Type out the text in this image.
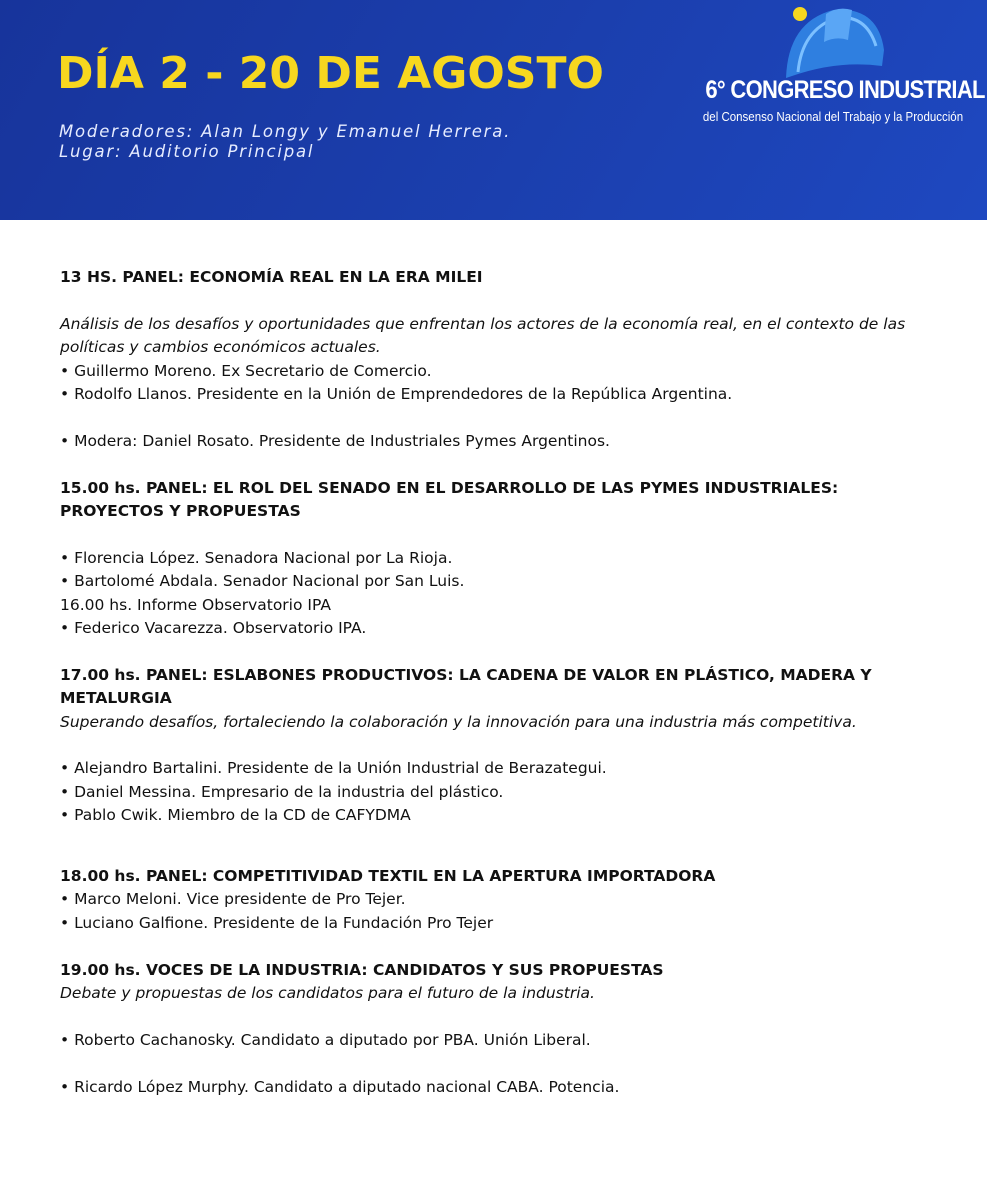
DÍA 2 - 20 DE AGOSTO
Moderadores: Alan Longy y Emanuel Herrera.
Lugar: Auditorio Principal
6° CONGRESO INDUSTRIAL
del Consenso Nacional del Trabajo y la Producción
13 HS. PANEL: ECONOMÍA REAL EN LA ERA MILEI
Análisis de los desafíos y oportunidades que enfrentan los actores de la economía real, en el contexto de las políticas y cambios económicos actuales.
• Guillermo Moreno. Ex Secretario de Comercio.
• Rodolfo Llanos. Presidente en la Unión de Emprendedores de la República Argentina.
• Modera: Daniel Rosato. Presidente de Industriales Pymes Argentinos.
15.00 hs. PANEL: EL ROL DEL SENADO EN EL DESARROLLO DE LAS PYMES INDUSTRIALES: PROYECTOS Y PROPUESTAS
• Florencia López. Senadora Nacional por La Rioja.
• Bartolomé Abdala. Senador Nacional por San Luis.
16.00 hs. Informe Observatorio IPA
• Federico Vacarezza. Observatorio IPA.
17.00 hs. PANEL: ESLABONES PRODUCTIVOS: LA CADENA DE VALOR EN PLÁSTICO, MADERA Y METALURGIA
Superando desafíos, fortaleciendo la colaboración y la innovación para una industria más competitiva.
• Alejandro Bartalini. Presidente de la Unión Industrial de Berazategui.
• Daniel Messina. Empresario de la industria del plástico.
• Pablo Cwik. Miembro de la CD de CAFYDMA
18.00 hs. PANEL: COMPETITIVIDAD TEXTIL EN LA APERTURA IMPORTADORA
• Marco Meloni. Vice presidente de Pro Tejer.
• Luciano Galfione. Presidente de la Fundación Pro Tejer
19.00 hs. VOCES DE LA INDUSTRIA: CANDIDATOS Y SUS PROPUESTAS
Debate y propuestas de los candidatos para el futuro de la industria.
• Roberto Cachanosky. Candidato a diputado por PBA. Unión Liberal.
• Ricardo López Murphy. Candidato a diputado nacional CABA. Potencia.
